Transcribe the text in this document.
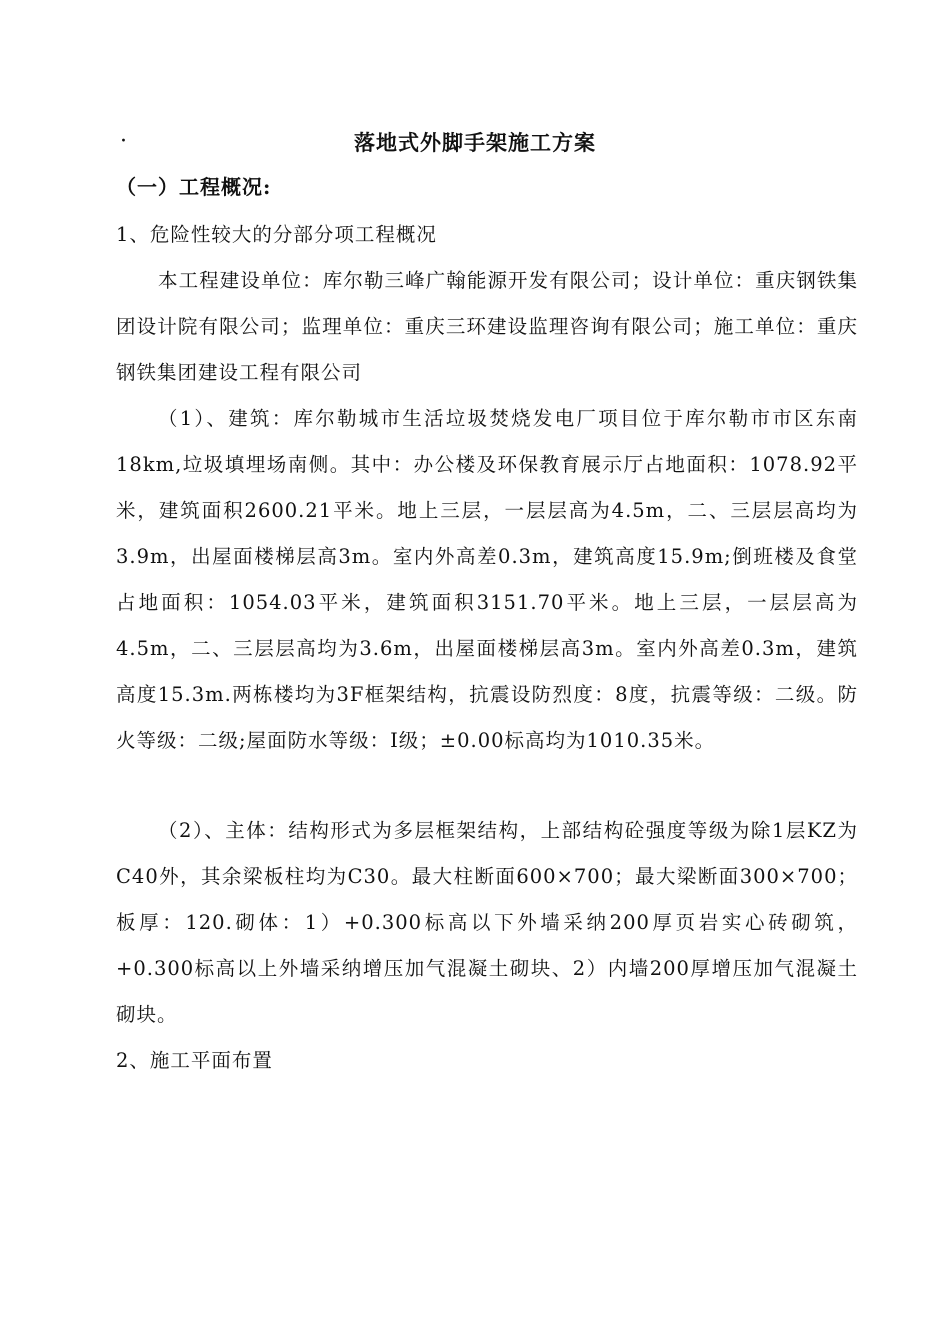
·	落地式外脚手架施工方案
（一）工程概况:
1、危险性较大的分部分项工程概况
本工程建设单位：库尔勒三峰广翰能源开发有限公司；设计单位：重庆钢铁集团设计院有限公司；监理单位：重庆三环建设监理咨询有限公司；施工单位：重庆钢铁集团建设工程有限公司
（1）、建筑：库尔勒城市生活垃圾焚烧发电厂项目位于库尔勒市市区东南18km,垃圾填埋场南侧。其中：办公楼及环保教育展示厅占地面积：1078.92平米，建筑面积2600.21平米。地上三层，一层层高为4.5m，二、三层层高均为3.9m，出屋面楼梯层高3m。室内外高差0.3m，建筑高度15.9m;倒班楼及食堂占地面积：1054.03平米，建筑面积3151.70平米。地上三层，一层层高为4.5m，二、三层层高均为3.6m，出屋面楼梯层高3m。室内外高差0.3m，建筑高度15.3m.两栋楼均为3F框架结构，抗震设防烈度：8度，抗震等级：二级。防火等级：二级;屋面防水等级：Ⅰ级；±0.00标高均为1010.35米。
（2）、主体：结构形式为多层框架结构，上部结构砼强度等级为除1层KZ为C40外，其余梁板柱均为C30。最大柱断面600×700；最大梁断面300×700；板厚：120.砌体：1）+0.300标高以下外墙采纳200厚页岩实心砖砌筑，+0.300标高以上外墙采纳增压加气混凝土砌块、2）内墙200厚增压加气混凝土砌块。
2、施工平面布置
